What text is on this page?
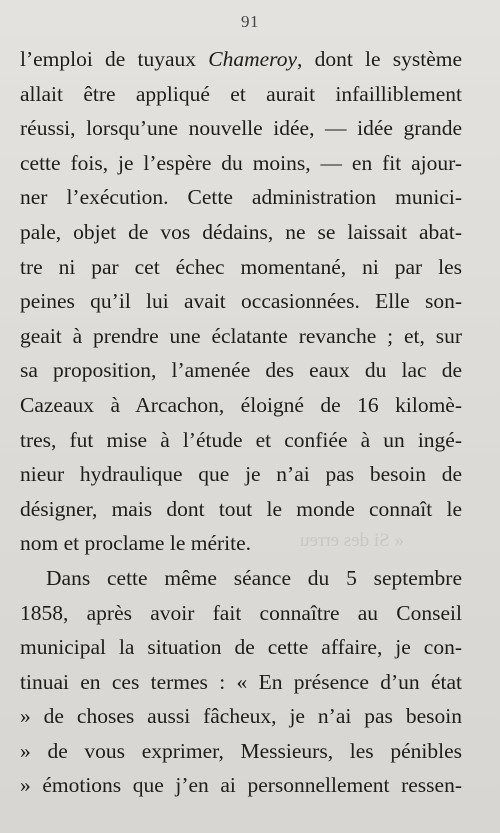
91
« Si des erreu
l’emploi de tuyaux Chameroy, dont le système
allait être appliqué et aurait infailliblement
réussi, lorsqu’une nouvelle idée, — idée grande
cette fois, je l’espère du moins, — en fit ajour-
ner l’exécution. Cette administration munici-
pale, objet de vos dédains, ne se laissait abat-
tre ni par cet échec momentané, ni par les
peines qu’il lui avait occasionnées. Elle son-
geait à prendre une éclatante revanche ; et, sur
sa proposition, l’amenée des eaux du lac de
Cazeaux à Arcachon, éloigné de 16 kilomè-
tres, fut mise à l’étude et confiée à un ingé-
nieur hydraulique que je n’ai pas besoin de
désigner, mais dont tout le monde connaît le
nom et proclame le mérite.
Dans cette même séance du 5 septembre
1858, après avoir fait connaître au Conseil
municipal la situation de cette affaire, je con-
tinuai en ces termes : « En présence d’un état
» de choses aussi fâcheux, je n’ai pas besoin
» de vous exprimer, Messieurs, les pénibles
» émotions que j’en ai personnellement ressen-
